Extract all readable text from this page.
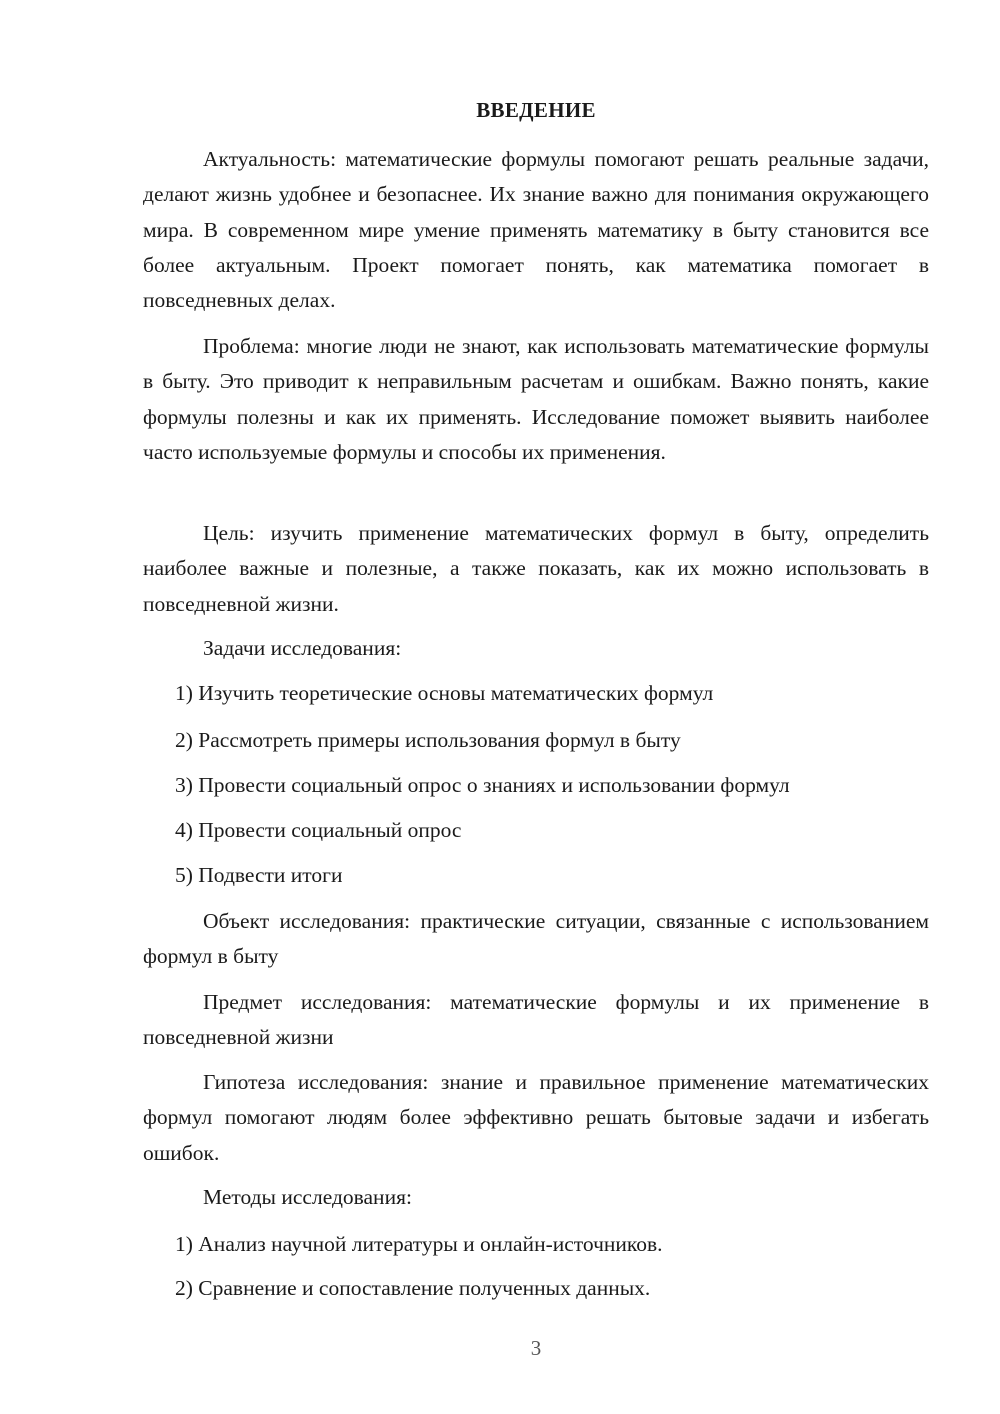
ВВЕДЕНИЕ

Актуальность: математические формулы помогают решать реальные задачи, делают жизнь удобнее и безопаснее. Их знание важно для понимания окружающего мира. В современном мире умение применять математику в быту становится все более актуальным. Проект помогает понять, как математика помогает в повседневных делах.

Проблема: многие люди не знают, как использовать математические формулы в быту. Это приводит к неправильным расчетам и ошибкам. Важно понять, какие формулы полезны и как их применять. Исследование поможет выявить наиболее часто используемые формулы и способы их применения.

Цель: изучить применение математических формул в быту, определить наиболее важные и полезные, а также показать, как их можно использовать в повседневной жизни.

Задачи исследования:
1) Изучить теоретические основы математических формул
2) Рассмотреть примеры использования формул в быту
3) Провести социальный опрос о знаниях и использовании формул
4) Провести социальный опрос
5) Подвести итоги

Объект исследования: практические ситуации, связанные с использованием формул в быту

Предмет исследования: математические формулы и их применение в повседневной жизни

Гипотеза исследования: знание и правильное применение математических формул помогают людям более эффективно решать бытовые задачи и избегать ошибок.

Методы исследования:
1) Анализ научной литературы и онлайн-источников.
2) Сравнение и сопоставление полученных данных.
3
